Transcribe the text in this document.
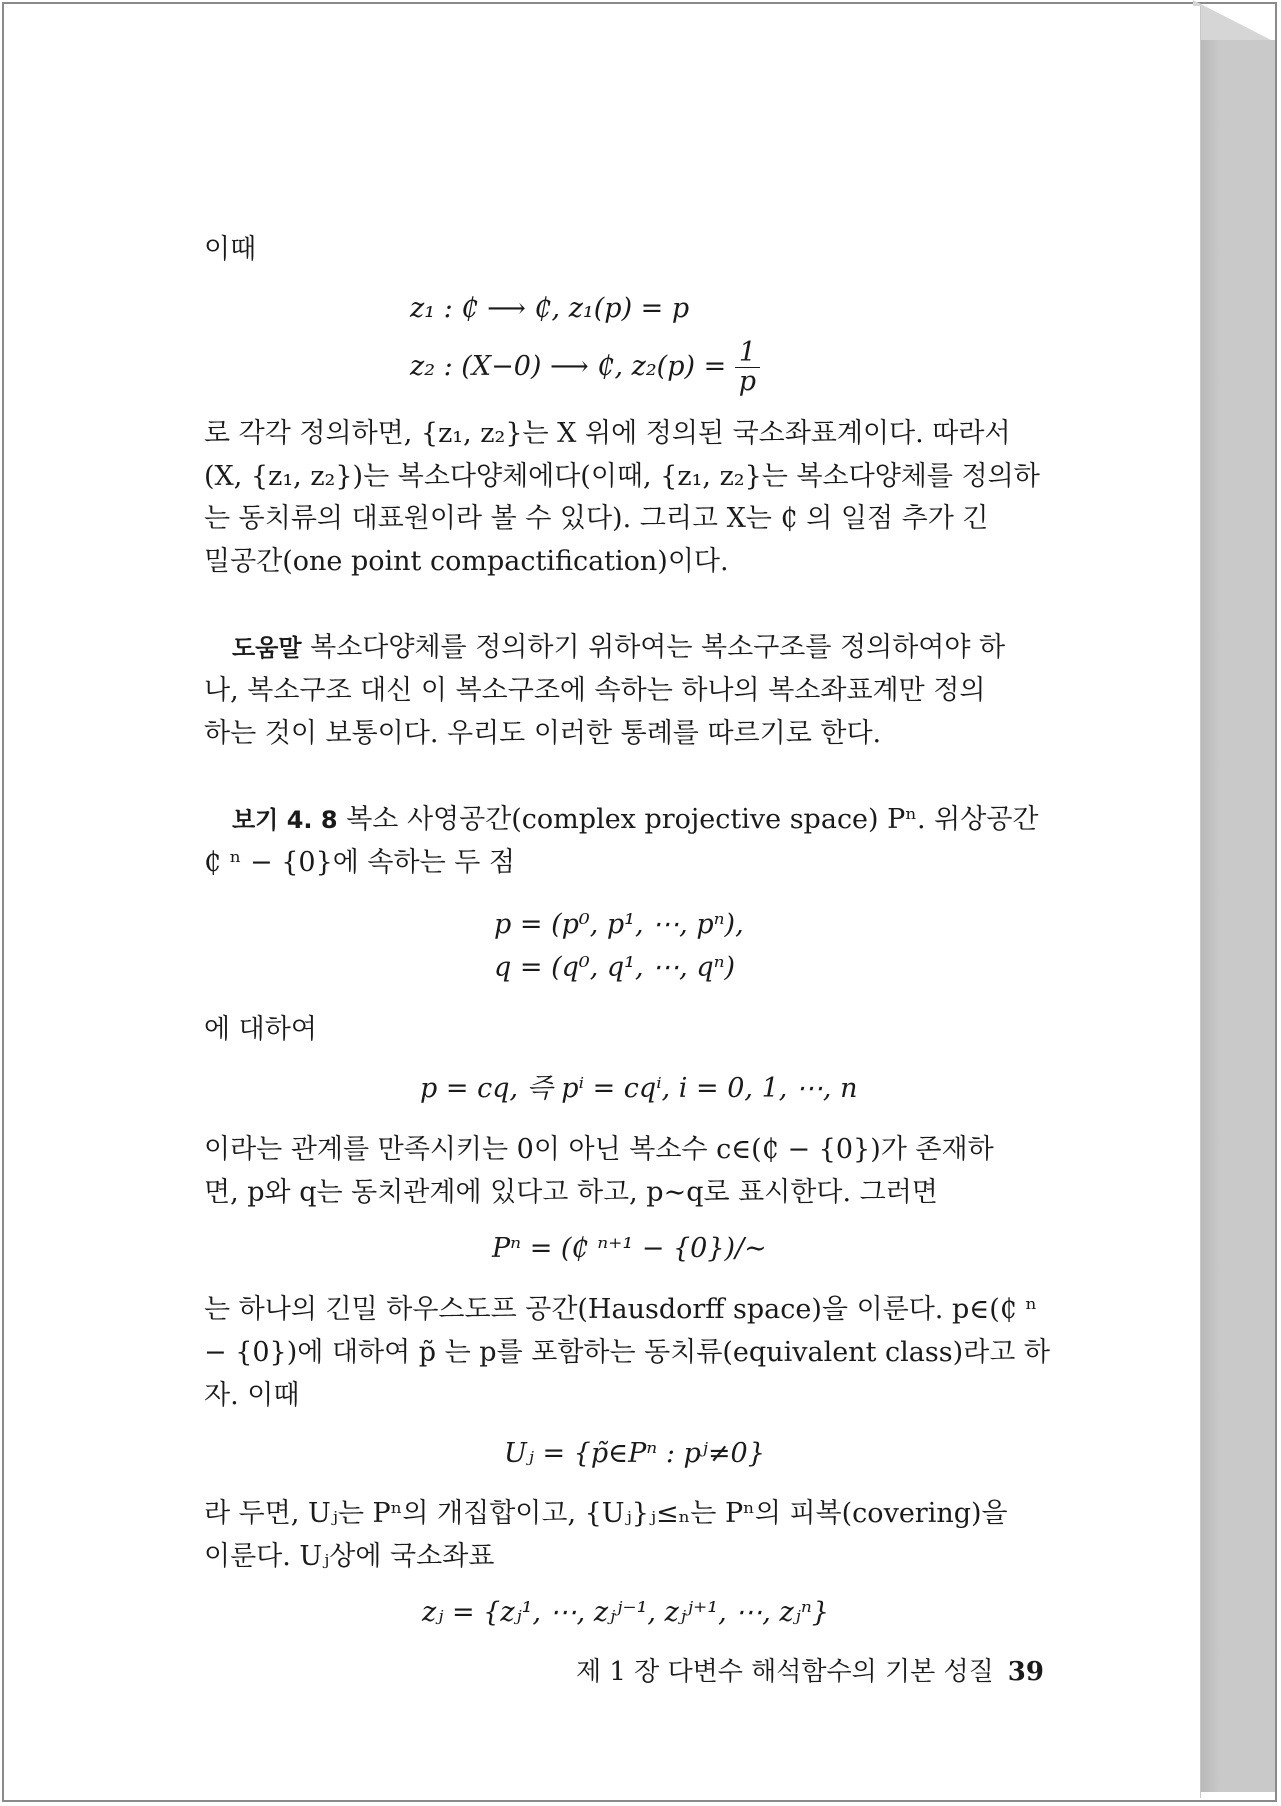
이때
z₁ : ₵ ⟶ ₵, z₁(p) = p
z₂ : (X−0) ⟶ ₵, $z_2(p) = \frac{1}{p}$
로 각각 정의하면, {z₁, z₂}는 X 위에 정의된 국소좌표계이다. 따라서
(X, {z₁, z₂})는 복소다양체에다(이때, {z₁, z₂}는 복소다양체를 정의하
는 동치류의 대표원이라 볼 수 있다). 그리고 X는 ₵ 의 일점 추가 긴
밀공간(one point compactification)이다.
도움말 복소다양체를 정의하기 위하여는 복소구조를 정의하여야 하
나, 복소구조 대신 이 복소구조에 속하는 하나의 복소좌표계만 정의
하는 것이 보통이다. 우리도 이러한 통례를 따르기로 한다.
보기 4. 8 복소 사영공간(complex projective space) Pⁿ. 위상공간
₵ ⁿ − {0}에 속하는 두 점
p = (p⁰, p¹, ⋯, pⁿ),
q = (q⁰, q¹, ⋯, qⁿ)
에 대하여
p = cq, 즉 pⁱ = cqⁱ, i = 0, 1, ⋯, n
이라는 관계를 만족시키는 0이 아닌 복소수 c∈(₵ − {0})가 존재하
면, p와 q는 동치관계에 있다고 하고, p∼q로 표시한다. 그러면
Pⁿ = (₵ ⁿ⁺¹ − {0})/∼
는 하나의 긴밀 하우스도프 공간(Hausdorff space)을 이룬다. p∈(₵ ⁿ
− {0})에 대하여 p̃ 는 p를 포함하는 동치류(equivalent class)라고 하
자. 이때
Uⱼ = {p̃∈Pⁿ : pʲ≠0}
라 두면, Uⱼ는 Pⁿ의 개집합이고, {Uⱼ}ⱼ≤ₙ는 Pⁿ의 피복(covering)을
이룬다. Uⱼ상에 국소좌표
zⱼ = {zⱼ¹, ⋯, zⱼʲ⁻¹, zⱼʲ⁺¹, ⋯, zⱼⁿ}
제 1 장 다변수 해석함수의 기본 성질 39
